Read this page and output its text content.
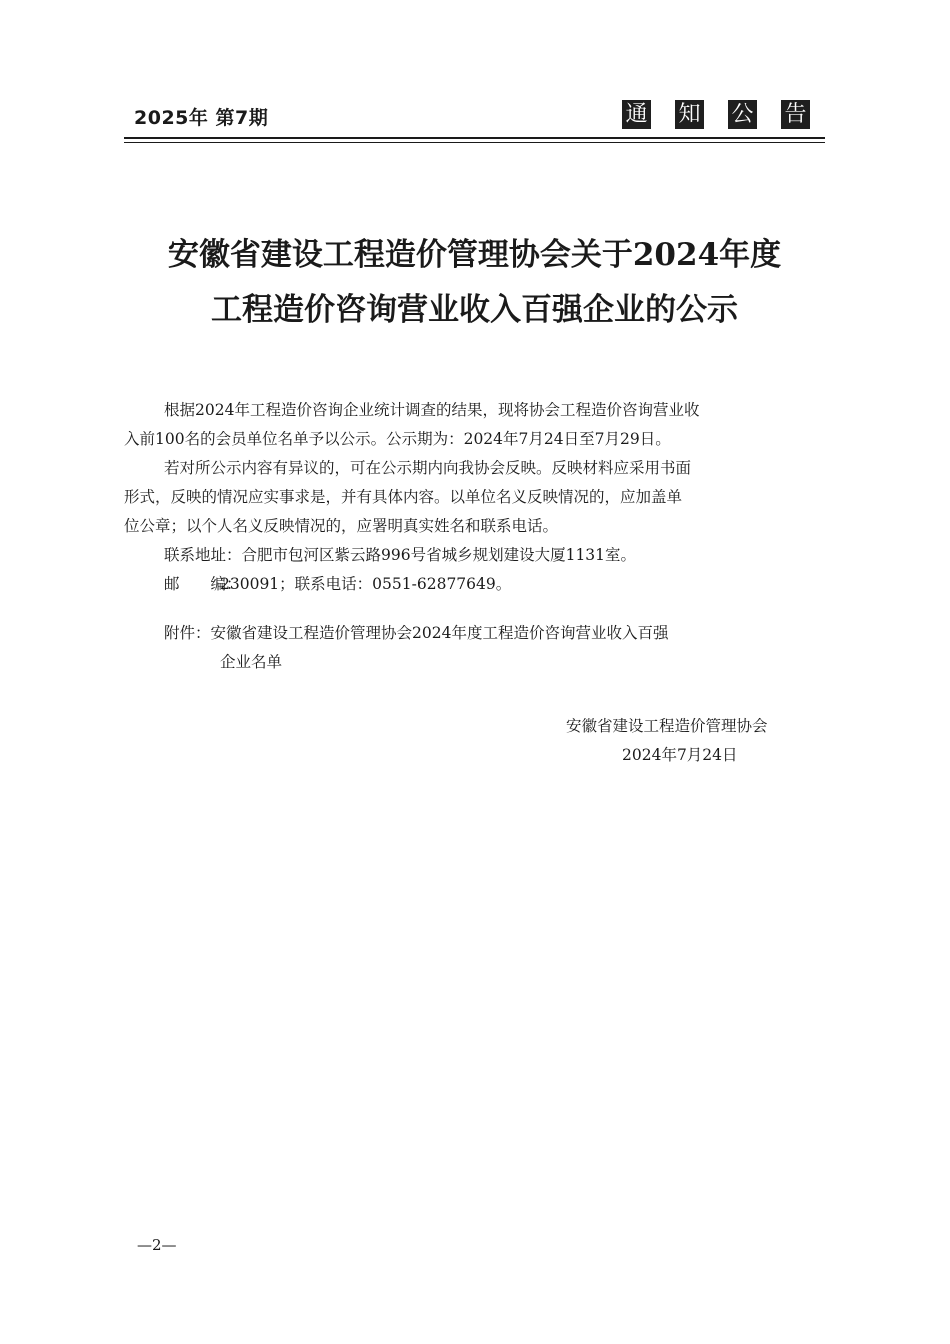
2025年 第7期	通 知 公 告
安徽省建设工程造价管理协会关于2024年度
工程造价咨询营业收入百强企业的公示
根据2024年工程造价咨询企业统计调查的结果，现将协会工程造价咨询营业收
入前100名的会员单位名单予以公示。公示期为：2024年7月24日至7月29日。
若对所公示内容有异议的，可在公示期内向我协会反映。反映材料应采用书面
形式，反映的情况应实事求是，并有具体内容。以单位名义反映情况的，应加盖单
位公章；以个人名义反映情况的，应署明真实姓名和联系电话。
联系地址：合肥市包河区紫云路996号省城乡规划建设大厦1131室。
邮　　编：230091；联系电话：0551-62877649。
附件：安徽省建设工程造价管理协会2024年度工程造价咨询营业收入百强
企业名单
安徽省建设工程造价管理协会
2024年7月24日
—2—
